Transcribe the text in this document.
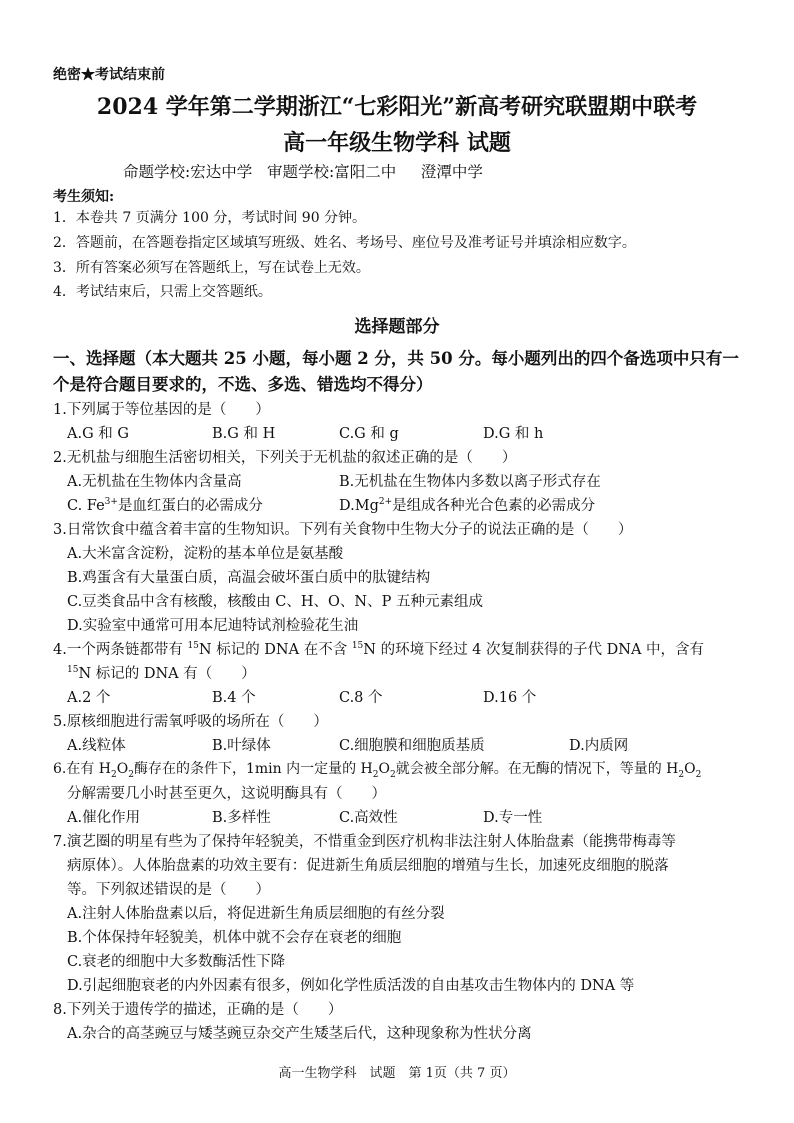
绝密★考试结束前
2024 学年第二学期浙江“七彩阳光”新高考研究联盟期中联考
高一年级生物学科 试题
命题学校:宏达中学   审题学校:富阳二中     澄潭中学
考生须知:
1．本卷共 7 页满分 100 分，考试时间 90 分钟。
2．答题前，在答题卷指定区域填写班级、姓名、考场号、座位号及准考证号并填涂相应数字。
3．所有答案必须写在答题纸上，写在试卷上无效。
4．考试结束后，只需上交答题纸。
选择题部分
一、选择题（本大题共 25 小题，每小题 2 分，共 50 分。每小题列出的四个备选项中只有一个是符合题目要求的，不选、多选、错选均不得分）
1.下列属于等位基因的是（　　）
A.G 和 G	B.G 和 H	C.G 和 g	D.G 和 h
2.无机盐与细胞生活密切相关，下列关于无机盐的叙述正确的是（　　）
A.无机盐在生物体内含量高	B.无机盐在生物体内多数以离子形式存在
C. $Fe^{3+}$是血红蛋白的必需成分	$D.Mg^{2+}$是组成各种光合色素的必需成分
3.日常饮食中蕴含着丰富的生物知识。下列有关食物中生物大分子的说法正确的是（　　）
A.大米富含淀粉，淀粉的基本单位是氨基酸
B.鸡蛋含有大量蛋白质，高温会破坏蛋白质中的肽键结构
C.豆类食品中含有核酸，核酸由 C、H、O、N、P 五种元素组成
D.实验室中通常可用本尼迪特试剂检验花生油
4.一个两条链都带有 $^{15}$N 标记的 DNA 在不含 $^{15}$N 的环境下经过 4 次复制获得的子代 DNA 中，含有
$^{15}$N 标记的 DNA 有（　　）
A.2 个	B.4 个	C.8 个	D.16 个
5.原核细胞进行需氧呼吸的场所在（　　）
A.线粒体	B.叶绿体	C.细胞膜和细胞质基质	D.内质网
6.在有 $H_2O_2$酶存在的条件下，1min 内一定量的 $H_2O_2$就会被全部分解。在无酶的情况下，等量的 $H_2O_2$
分解需要几小时甚至更久，这说明酶具有（　　）
A.催化作用	B.多样性	C.高效性	D.专一性
7.演艺圈的明星有些为了保持年轻貌美，不惜重金到医疗机构非法注射人体胎盘素（能携带梅毒等
病原体）。人体胎盘素的功效主要有：促进新生角质层细胞的增殖与生长，加速死皮细胞的脱落
等。下列叙述错误的是（　　）
A.注射人体胎盘素以后，将促进新生角质层细胞的有丝分裂
B.个体保持年轻貌美，机体中就不会存在衰老的细胞
C.衰老的细胞中大多数酶活性下降
D.引起细胞衰老的内外因素有很多，例如化学性质活泼的自由基攻击生物体内的 DNA 等
8.下列关于遗传学的描述，正确的是（　　）
A.杂合的高茎豌豆与矮茎豌豆杂交产生矮茎后代，这种现象称为性状分离
高一生物学科　试题　第 1页（共 7 页）
